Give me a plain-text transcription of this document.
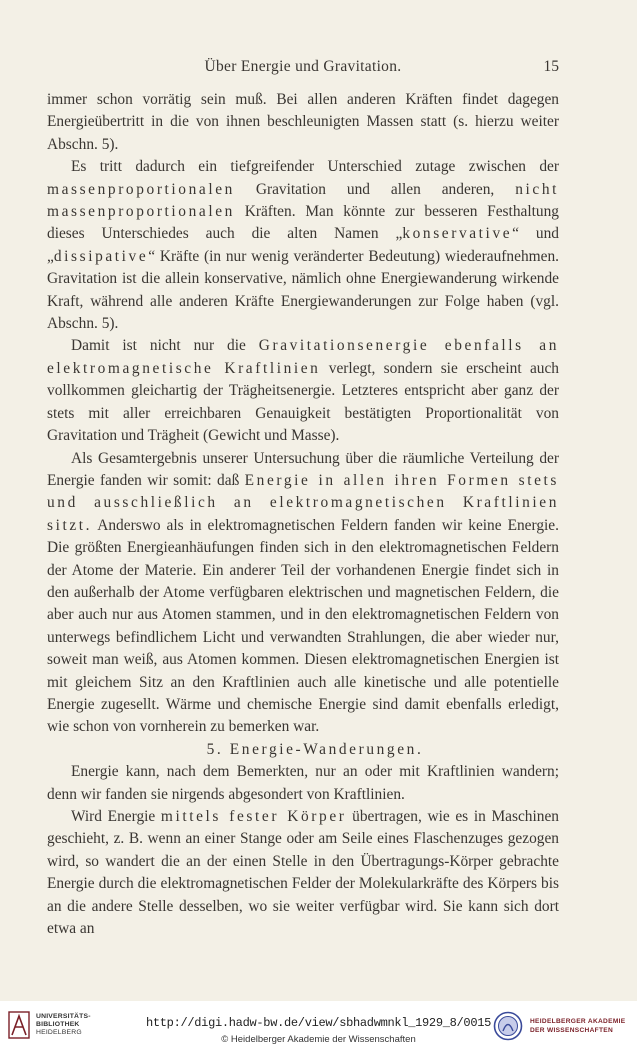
Über Energie und Gravitation.	15

immer schon vorrätig sein muß. Bei allen anderen Kräften findet dagegen Energieübertritt in die von ihnen beschleunigten Massen statt (s. hierzu weiter Abschn. 5).

Es tritt dadurch ein tiefgreifender Unterschied zutage zwischen der massenproportionalen Gravitation und allen anderen, nicht massenproportionalen Kräften. Man könnte zur besseren Festhaltung dieses Unterschiedes auch die alten Namen „konservative“ und „dissipative“ Kräfte (in nur wenig veränderter Bedeutung) wiederaufnehmen. Gravitation ist die allein konservative, nämlich ohne Energiewanderung wirkende Kraft, während alle anderen Kräfte Energiewanderungen zur Folge haben (vgl. Abschn. 5).

Damit ist nicht nur die Gravitationsenergie ebenfalls an elektromagnetische Kraftlinien verlegt, sondern sie erscheint auch vollkommen gleichartig der Trägheitsenergie. Letzteres entspricht aber ganz der stets mit aller erreichbaren Genauigkeit bestätigten Proportionalität von Gravitation und Trägheit (Gewicht und Masse).

Als Gesamtergebnis unserer Untersuchung über die räumliche Verteilung der Energie fanden wir somit: daß Energie in allen ihren Formen stets und ausschließlich an elektromagnetischen Kraftlinien sitzt. Anderswo als in elektromagnetischen Feldern fanden wir keine Energie. Die größten Energieanhäufungen finden sich in den elektromagnetischen Feldern der Atome der Materie. Ein anderer Teil der vorhandenen Energie findet sich in den außerhalb der Atome verfügbaren elektrischen und magnetischen Feldern, die aber auch nur aus Atomen stammen, und in den elektromagnetischen Feldern von unterwegs befindlichem Licht und verwandten Strahlungen, die aber wieder nur, soweit man weiß, aus Atomen kommen. Diesen elektromagnetischen Energien ist mit gleichem Sitz an den Kraftlinien auch alle kinetische und alle potentielle Energie zugesellt. Wärme und chemische Energie sind damit ebenfalls erledigt, wie schon von vornherein zu bemerken war.

5. Energie-Wanderungen.

Energie kann, nach dem Bemerkten, nur an oder mit Kraftlinien wandern; denn wir fanden sie nirgends abgesondert von Kraftlinien.

Wird Energie mittels fester Körper übertragen, wie es in Maschinen geschieht, z. B. wenn an einer Stange oder am Seile eines Flaschenzuges gezogen wird, so wandert die an der einen Stelle in den Übertragungs-Körper gebrachte Energie durch die elektromagnetischen Felder der Molekularkräfte des Körpers bis an die andere Stelle desselben, wo sie weiter verfügbar wird. Sie kann sich dort etwa an

UNIVERSITÄTS-
BIBLIOTHEK
HEIDELBERG
http://digi.hadw-bw.de/view/sbhadwmnkl_1929_8/0015
© Heidelberger Akademie der Wissenschaften
HEIDELBERGER AKADEMIE
DER WISSENSCHAFTEN
